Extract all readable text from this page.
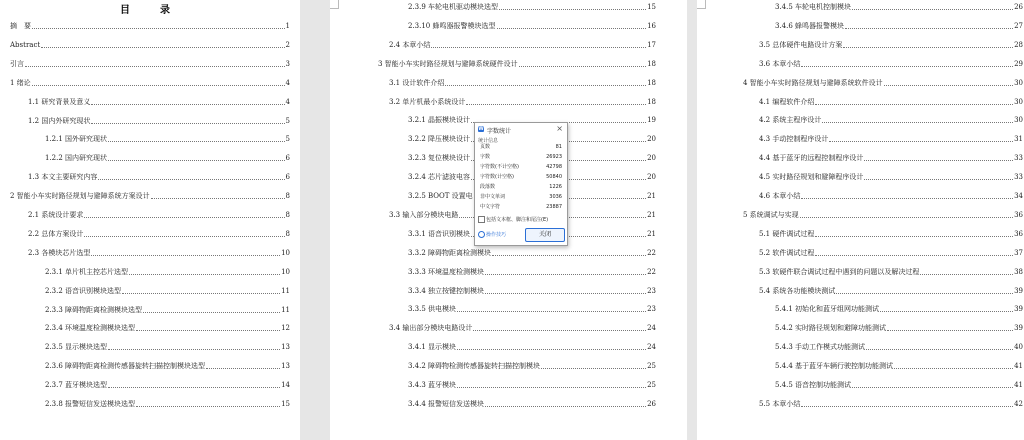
目　录
摘　要	1
Abstract	2
引言	3
1 绪论	4
1.1 研究背景及意义	4
1.2 国内外研究现状	5
1.2.1 国外研究现状	5
1.2.2 国内研究现状	6
1.3 本文主要研究内容	6
2 智能小车实时路径规划与避障系统方案设计	8
2.1 系统设计要求	8
2.2 总体方案设计	8
2.3 各模块芯片选型	10
2.3.1 单片机主控芯片选型	10
2.3.2 语音识别模块选型	11
2.3.3 障碍物距离检测模块选型	11
2.3.4 环境温度检测模块选型	12
2.3.5 显示模块选型	13
2.3.6 障碍物距离检测传感器旋转扫描控制模块选型	13
2.3.7 蓝牙模块选型	14
2.3.8 报警短信发送模块选型	15
2.3.9 车轮电机驱动模块选型	15
2.3.10 蜂鸣器报警模块选型	16
2.4 本章小结	17
3 智能小车实时路径规划与避障系统硬件设计	18
3.1 设计软件介绍	18
3.2 单片机最小系统设计	18
3.2.1 晶振模块设计	19
3.2.2 降压模块设计	20
3.2.3 复位模块设计	20
3.2.4 芯片滤波电容	20
3.2.5 BOOT 设置电	21
3.3 输入部分模块电路	21
3.3.1 语音识别模块	21
3.3.2 障碍物距离检测模块	22
3.3.3 环境温度检测模块	22
3.3.4 独立按键控制模块	23
3.3.5 供电模块	23
3.4 输出部分模块电路设计	24
3.4.1 显示模块	24
3.4.2 障碍物检测传感器旋转扫描控制模块	25
3.4.3 蓝牙模块	25
3.4.4 报警短信发送模块	26
3.4.5 车轮电机控制模块	26
3.4.6 蜂鸣器报警模块	27
3.5 总体硬件电路设计方案	28
3.6 本章小结	29
4 智能小车实时路径规划与避障系统软件设计	30
4.1 编程软件介绍	30
4.2 系统主程序设计	30
4.3 手动控制程序设计	31
4.4 基于蓝牙的远程控制程序设计	33
4.5 实时路径规划和避障程序设计	33
4.6 本章小结	34
5 系统调试与实现	36
5.1 硬件调试过程	36
5.2 软件调试过程	37
5.3 软硬件联合调试过程中遇到的问题以及解决过程	38
5.4 系统各功能模块测试	39
5.4.1 初始化和蓝牙组网功能测试	39
5.4.2 实时路径规划和避障功能测试	39
5.4.3 手动工作模式功能测试	40
5.4.4 基于蓝牙车辆行驶控制功能测试	41
5.4.5 语音控制功能测试	41
5.5 本章小结	42
W 字数统计	×
统计信息
页数	81
字数	26923
字符数(不计空格)	42798
字符数(计空格)	50840
段落数	1226
非中文单词	3036
中文字符	23887
包括文本框、脚注和尾注(E)
操作技巧	关闭
